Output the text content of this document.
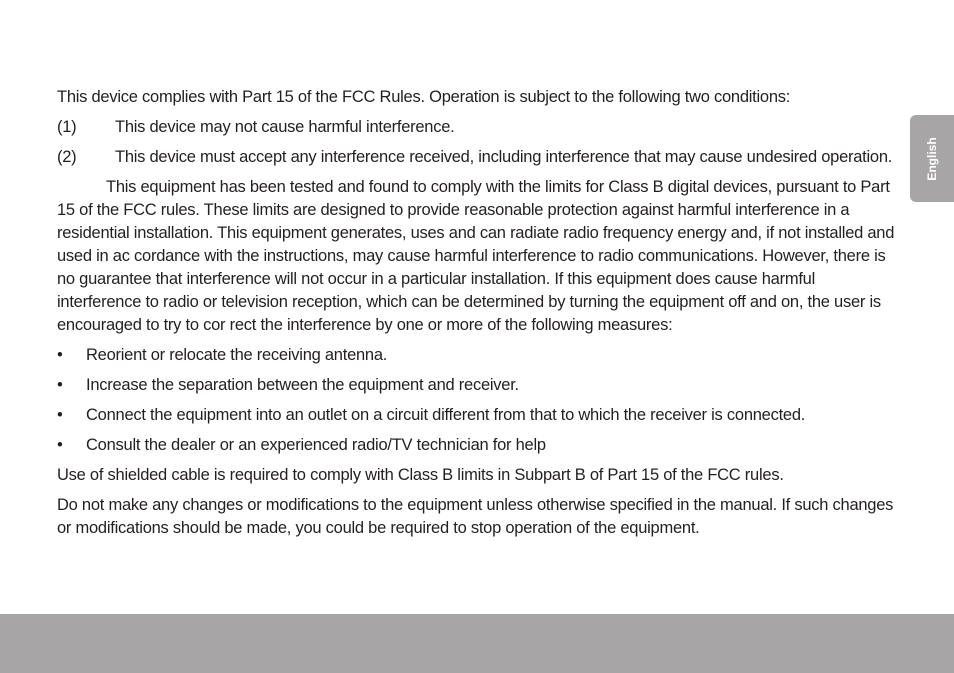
This device complies with Part 15 of the FCC Rules. Operation is subject to the following two conditions:

(1)	This device may not cause harmful interference.
(2)	This device must accept any interference received, including interference that may cause undesired operation.

This equipment has been tested and found to comply with the limits for Class B digital devices, pursuant to Part 15 of the FCC rules. These limits are designed to provide reasonable protection against harmful interference in a residential installation. This equipment generates, uses and can radiate radio frequency energy and, if not installed and used in ac cordance with the instructions, may cause harmful interference to radio communications. However, there is no guarantee that interference will not occur in a particular installation. If this equipment does cause harmful interference to radio or television reception, which can be determined by turning the equipment off and on, the user is encouraged to try to cor rect the interference by one or more of the following measures:

•	Reorient or relocate the receiving antenna.
•	Increase the separation between the equipment and receiver.
•	Connect the equipment into an outlet on a circuit different from that to which the receiver is connected.
•	Consult the dealer or an experienced radio/TV technician for help

Use of shielded cable is required to comply with Class B limits in Subpart B of Part 15 of the FCC rules.

Do not make any changes or modifications to the equipment unless otherwise specified in the manual. If such changes or modifications should be made, you could be required to stop operation of the equipment.

English
